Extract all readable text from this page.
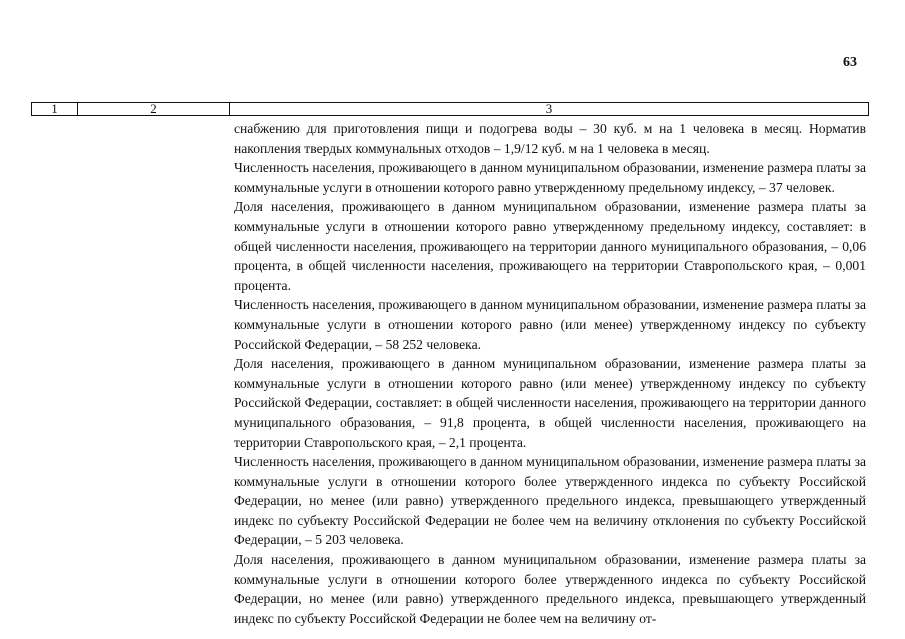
63
1	2	3

снабжению для приготовления пищи и подогрева воды – 30 куб. м на 1 человека в месяц. Норматив накопления твердых коммунальных отходов – 1,9/12 куб. м на 1 человека в месяц.

Численность населения, проживающего в данном муниципальном образовании, изменение размера платы за коммунальные услуги в отношении которого равно утвержденному предельному индексу, – 37 человек.

Доля населения, проживающего в данном муниципальном образовании, изменение размера платы за коммунальные услуги в отношении которого равно утвержденному предельному индексу, составляет: в общей численности населения, проживающего на территории данного муниципального образования, – 0,06 процента, в общей численности населения, проживающего на территории Ставропольского края, – 0,001 процента.

Численность населения, проживающего в данном муниципальном образовании, изменение размера платы за коммунальные услуги в отношении которого равно (или менее) утвержденному индексу по субъекту Российской Федерации, – 58 252 человека.

Доля населения, проживающего в данном муниципальном образовании, изменение размера платы за коммунальные услуги в отношении которого равно (или менее) утвержденному индексу по субъекту Российской Федерации, составляет: в общей численности населения, проживающего на территории данного муниципального образования, – 91,8 процента, в общей численности населения, проживающего на территории Ставропольского края, – 2,1 процента.

Численность населения, проживающего в данном муниципальном образовании, изменение размера платы за коммунальные услуги в отношении которого более утвержденного индекса по субъекту Российской Федерации, но менее (или равно) утвержденного предельного индекса, превышающего утвержденный индекс по субъекту Российской Федерации не более чем на величину отклонения по субъекту Российской Федерации, – 5 203 человека.

Доля населения, проживающего в данном муниципальном образовании, изменение размера платы за коммунальные услуги в отношении которого более утвержденного индекса по субъекту Российской Федерации, но менее (или равно) утвержденного предельного индекса, превышающего утвержденный индекс по субъекту Российской Федерации не более чем на величину от-
